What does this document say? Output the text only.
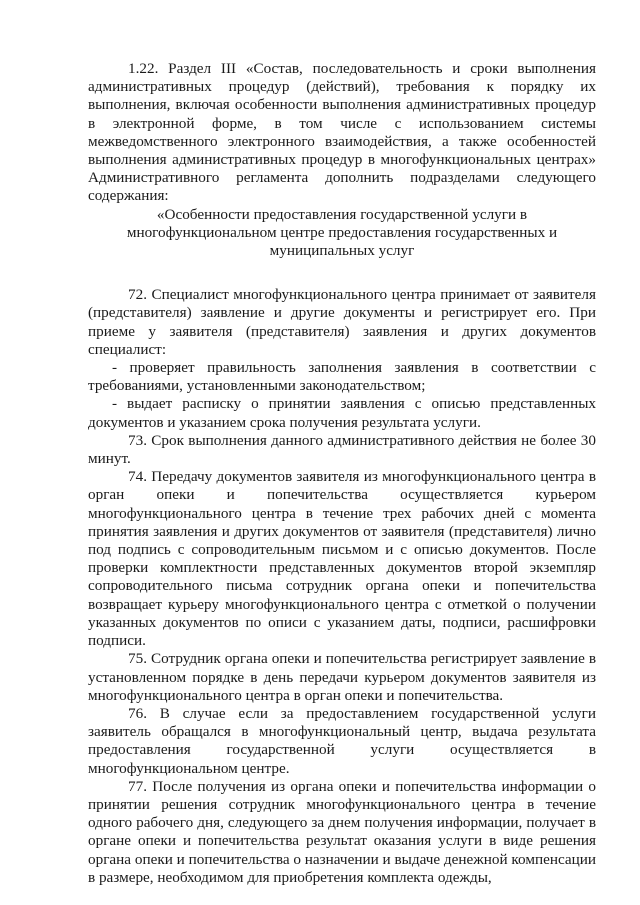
1.22. Раздел III «Состав, последовательность и сроки выполнения административных процедур (действий), требования к порядку их выполнения, включая особенности выполнения административных процедур в электронной форме, в том числе с использованием системы межведомственного электронного взаимодействия, а также особенностей выполнения административных процедур в многофункциональных центрах» Административного регламента дополнить подразделами следующего содержания:

«Особенности предоставления государственной услуги в многофункциональном центре предоставления государственных и муниципальных услуг

72. Специалист многофункционального центра принимает от заявителя (представителя) заявление и другие документы и регистрирует его. При приеме у заявителя (представителя) заявления и других документов специалист:

- проверяет правильность заполнения заявления в соответствии с требованиями, установленными законодательством;

- выдает расписку о принятии заявления с описью представленных документов и указанием срока получения результата услуги.

73. Срок выполнения данного административного действия не более 30 минут.

74. Передачу документов заявителя из многофункционального центра в орган опеки и попечительства осуществляется курьером многофункционального центра в течение трех рабочих дней с момента принятия заявления и других документов от заявителя (представителя) лично под подпись с сопроводительным письмом и с описью документов. После проверки комплектности представленных документов второй экземпляр сопроводительного письма сотрудник органа опеки и попечительства возвращает курьеру многофункционального центра с отметкой о получении указанных документов по описи с указанием даты, подписи, расшифровки подписи.

75. Сотрудник органа опеки и попечительства регистрирует заявление в установленном порядке в день передачи курьером документов заявителя из многофункционального центра в орган опеки и попечительства.

76. В случае если за предоставлением государственной услуги заявитель обращался в многофункциональный центр, выдача результата предоставления государственной услуги осуществляется в многофункциональном центре.

77. После получения из органа опеки и попечительства информации о принятии решения сотрудник многофункционального центра в течение одного рабочего дня, следующего за днем получения информации, получает в органе опеки и попечительства результат оказания услуги в виде решения органа опеки и попечительства о назначении и выдаче денежной компенсации в размере, необходимом для приобретения комплекта одежды,
